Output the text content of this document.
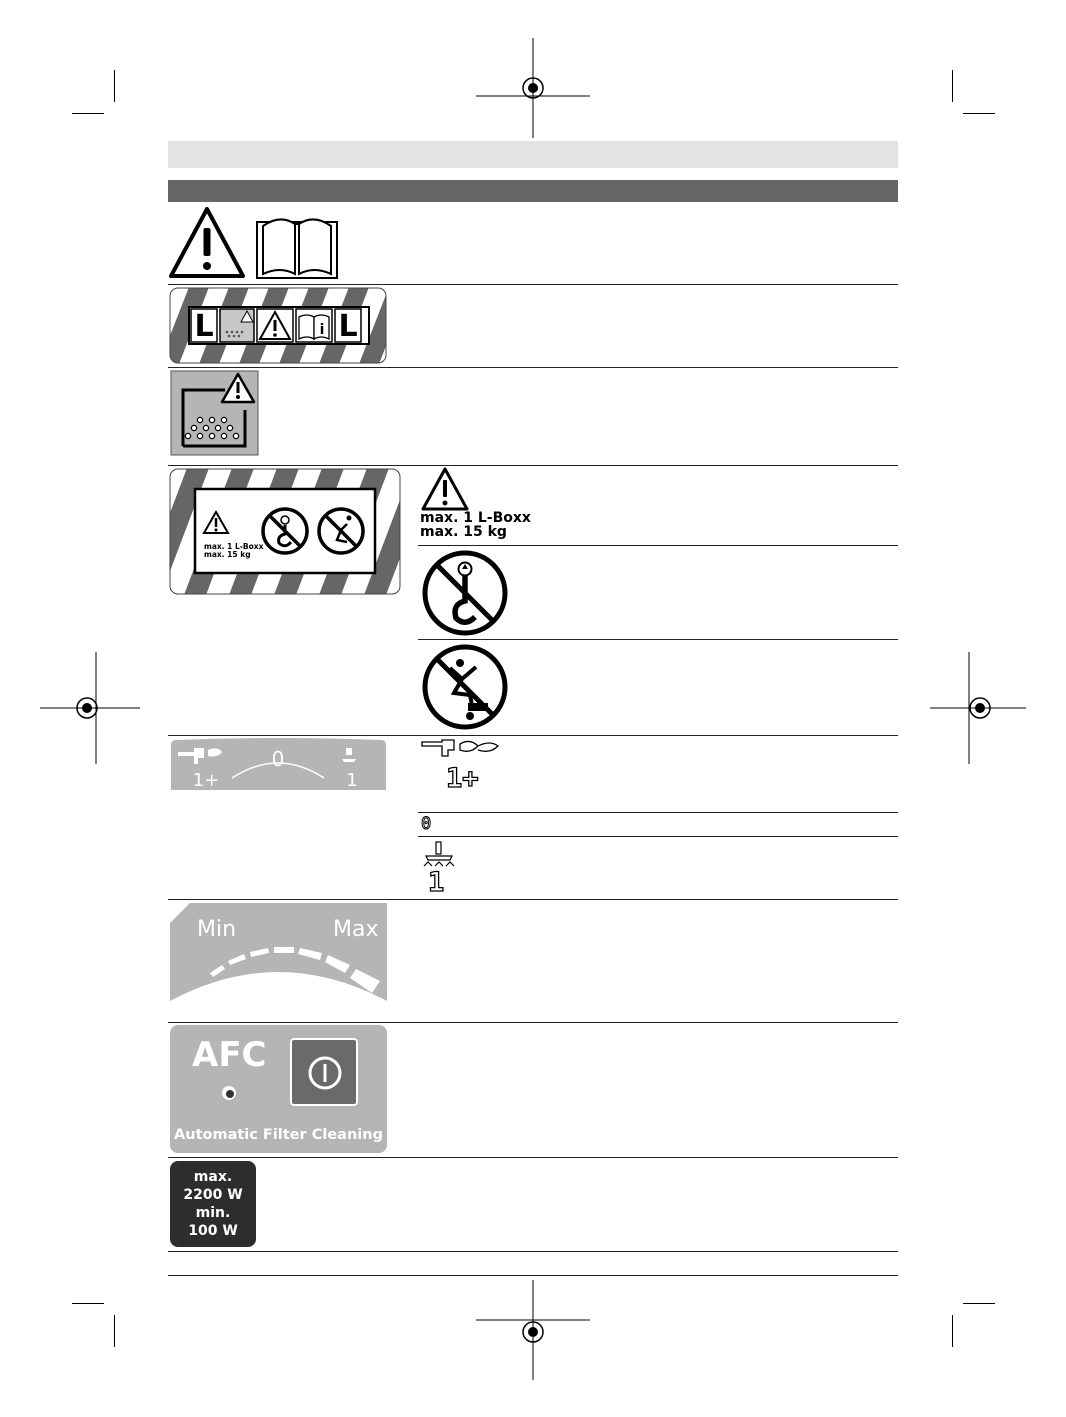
L	i L
max. 1 L-Boxx
max. 15 kg
max. 1 L-Boxx
max. 15 kg
0
1+	1	1+
0
1
Min	Max
AFC
Automatic Filter Cleaning
max.
2200 W
min.
100 W
